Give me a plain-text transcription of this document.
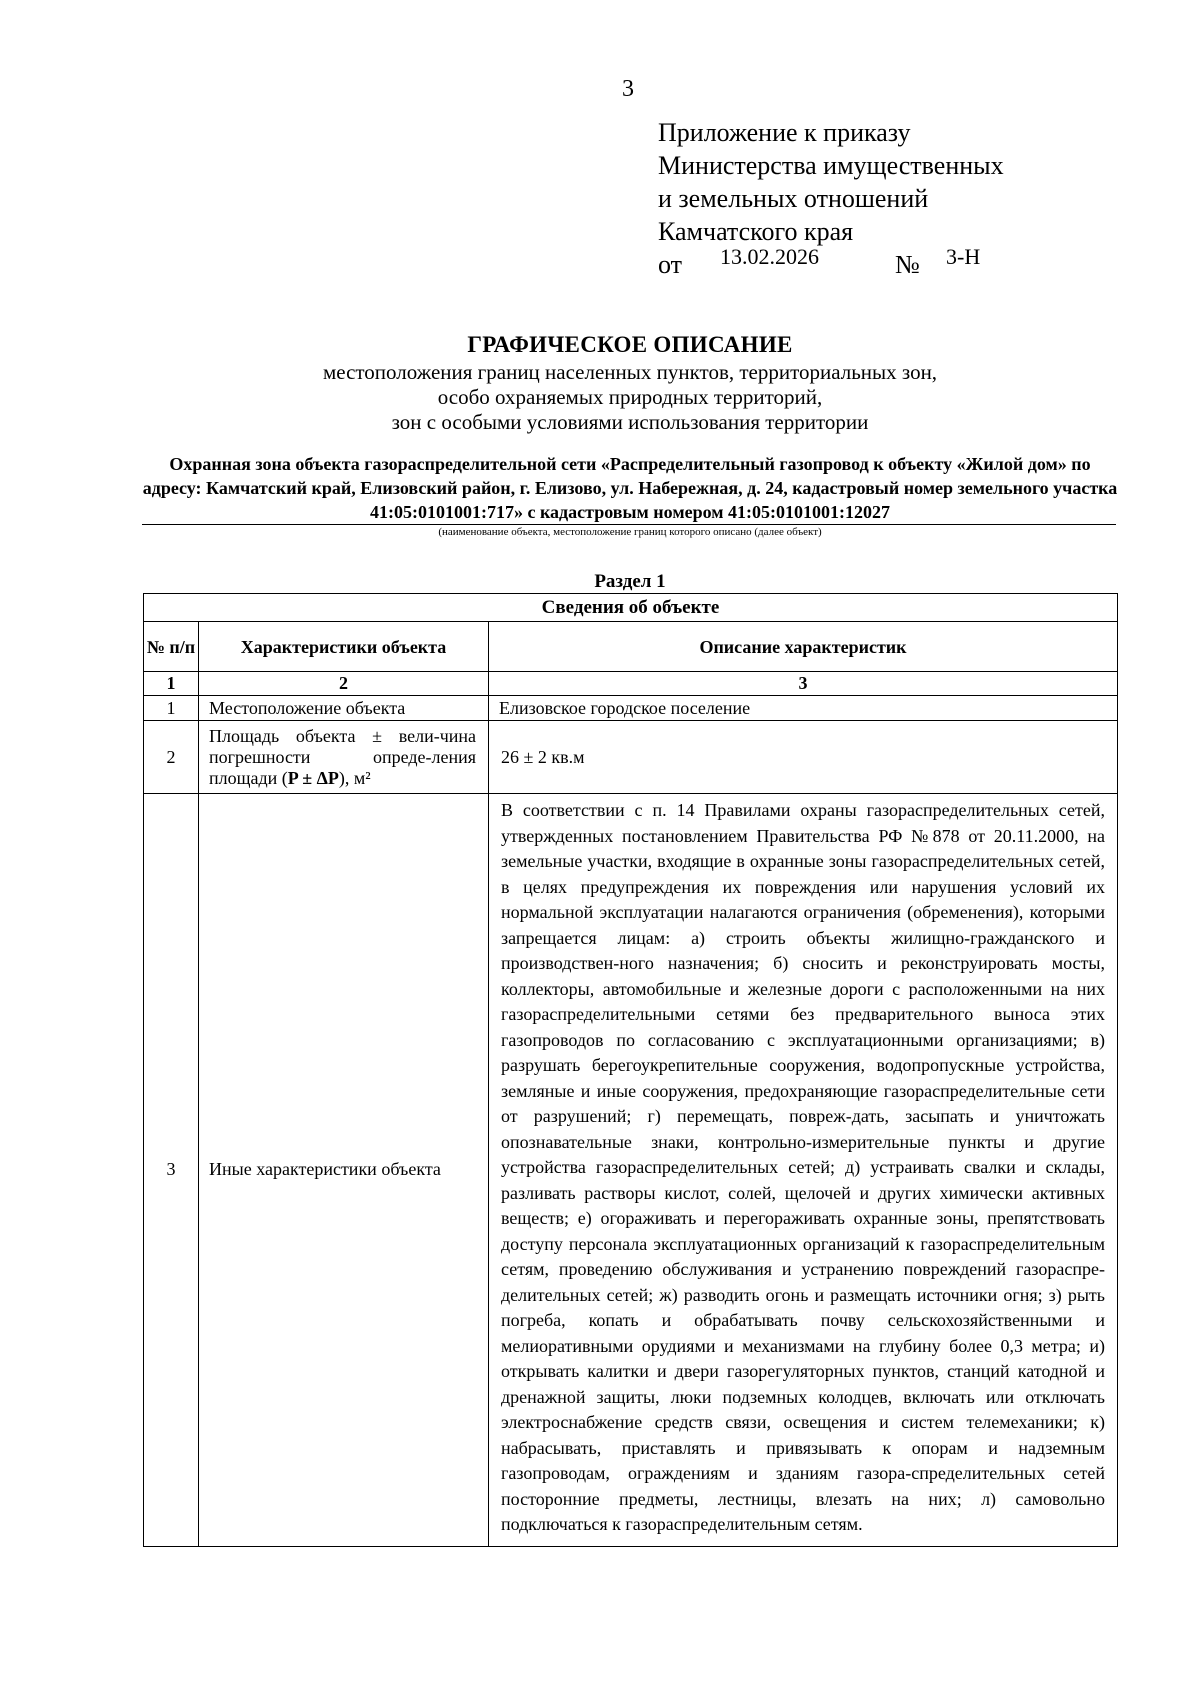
3
Приложение к приказу
Министерства имущественных
и земельных отношений
Камчатского края
от 13.02.2026	№ 3-Н
ГРАФИЧЕСКОЕ ОПИСАНИЕ
местоположения границ населенных пунктов, территориальных зон,
особо охраняемых природных территорий,
зон с особыми условиями использования территории
Охранная зона объекта газораспределительной сети «Распределительный газопровод к объекту «Жилой дом» по адресу: Камчатский край, Елизовский район, г. Елизово, ул. Набережная, д. 24, кадастровый номер земельного участка 41:05:0101001:717» с кадастровым номером 41:05:0101001:12027
(наименование объекта, местоположение границ которого описано (далее объект)
Раздел 1
Сведения об объекте		
№ п/п	Характеристики объекта	Описание характеристик
1	2	3
1	Местоположение объекта	Елизовское городское поселение
2	Площадь объекта ± вели-чина погрешности опреде-ления площади (P ± ΔP), м²	26 ± 2 кв.м
3	Иные характеристики объекта	В соответствии с п. 14 Правилами охраны газораспределительных сетей, утвержденных постановлением Правительства РФ №878 от 20.11.2000, на земельные участки, входящие в охранные зоны газораспределительных сетей, в целях предупреждения их повреждения или нарушения условий их нормальной эксплуатации налагаются ограничения (обременения), которыми запрещается лицам: а) строить объекты жилищно-гражданского и производствен-ного назначения; б) сносить и реконструировать мосты, коллекторы, автомобильные и железные дороги с расположенными на них газораспределительными сетями без предварительного выноса этих газопроводов по согласованию с эксплуатационными организациями; в) разрушать берегоукрепительные сооружения, водопропускные устройства, земляные и иные сооружения, предохраняющие газораспределительные сети от разрушений; г) перемещать, повреж-дать, засыпать и уничтожать опознавательные знаки, контрольно-измерительные пункты и другие устройства газораспределительных сетей; д) устраивать свалки и склады, разливать растворы кислот, солей, щелочей и других химически активных веществ; е) огораживать и перегораживать охранные зоны, препятствовать доступу персонала эксплуатационных организаций к газораспределительным сетям, проведению обслуживания и устранению повреждений газораспре-делительных сетей; ж) разводить огонь и размещать источники огня; з) рыть погреба, копать и обрабатывать почву сельскохозяйственными и мелиоративными орудиями и механизмами на глубину более 0,3 метра; и) открывать калитки и двери газорегуляторных пунктов, станций катодной и дренажной защиты, люки подземных колодцев, включать или отключать электроснабжение средств связи, освещения и систем телемеханики; к) набрасывать, приставлять и привязывать к опорам и надземным газопроводам, ограждениям и зданиям газора-спределительных сетей посторонние предметы, лестницы, влезать на них; л) самовольно подключаться к газораспределительным сетям.
